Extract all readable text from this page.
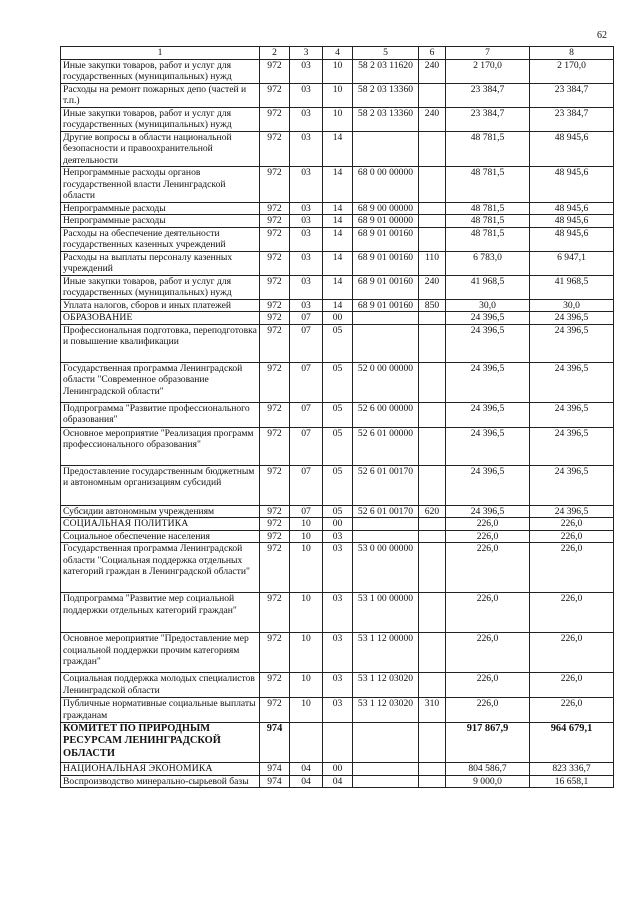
62
1	2	3	4	5	6	7	8
Иные закупки товаров, работ и услуг для государственных (муниципальных) нужд	972	03	10	58 2 03 11620	240	2 170,0	2 170,0
Расходы на ремонт пожарных депо (частей и т.п.)	972	03	10	58 2 03 13360		23 384,7	23 384,7
Иные закупки товаров, работ и услуг для государственных (муниципальных) нужд	972	03	10	58 2 03 13360	240	23 384,7	23 384,7
Другие вопросы в области национальной безопасности и правоохранительной деятельности	972	03	14			48 781,5	48 945,6
Непрограммные расходы органов государственной власти Ленинградской области	972	03	14	68 0 00 00000		48 781,5	48 945,6
Непрограммные расходы	972	03	14	68 9 00 00000		48 781,5	48 945,6
Непрограммные расходы	972	03	14	68 9 01 00000		48 781,5	48 945,6
Расходы на обеспечение деятельности государственных казенных учреждений	972	03	14	68 9 01 00160		48 781,5	48 945,6
Расходы на выплаты персоналу казенных учреждений	972	03	14	68 9 01 00160	110	6 783,0	6 947,1
Иные закупки товаров, работ и услуг для государственных (муниципальных) нужд	972	03	14	68 9 01 00160	240	41 968,5	41 968,5
Уплата налогов, сборов и иных платежей	972	03	14	68 9 01 00160	850	30,0	30,0
ОБРАЗОВАНИЕ	972	07	00			24 396,5	24 396,5
Профессиональная подготовка, переподготовка и повышение квалификации	972	07	05			24 396,5	24 396,5
Государственная программа Ленинградской области "Современное образование Ленинградской области"	972	07	05	52 0 00 00000		24 396,5	24 396,5
Подпрограмма "Развитие профессионального образования"	972	07	05	52 6 00 00000		24 396,5	24 396,5
Основное мероприятие "Реализация программ профессионального образования"	972	07	05	52 6 01 00000		24 396,5	24 396,5
Предоставление государственным бюджетным и автономным организациям субсидий	972	07	05	52 6 01 00170		24 396,5	24 396,5
Субсидии автономным учреждениям	972	07	05	52 6 01 00170	620	24 396,5	24 396,5
СОЦИАЛЬНАЯ ПОЛИТИКА	972	10	00			226,0	226,0
Социальное обеспечение населения	972	10	03			226,0	226,0
Государственная программа Ленинградской области "Социальная поддержка отдельных категорий граждан в Ленинградской области"	972	10	03	53 0 00 00000		226,0	226,0
Подпрограмма "Развитие мер социальной поддержки отдельных категорий граждан"	972	10	03	53 1 00 00000		226,0	226,0
Основное мероприятие "Предоставление мер социальной поддержки прочим категориям граждан"	972	10	03	53 1 12 00000		226,0	226,0
Социальная поддержка молодых специалистов Ленинградской области	972	10	03	53 1 12 03020		226,0	226,0
Публичные нормативные социальные выплаты гражданам	972	10	03	53 1 12 03020	310	226,0	226,0
КОМИТЕТ ПО ПРИРОДНЫМ РЕСУРСАМ ЛЕНИНГРАДСКОЙ ОБЛАСТИ	974					917 867,9	964 679,1
НАЦИОНАЛЬНАЯ ЭКОНОМИКА	974	04	00			804 586,7	823 336,7
Воспроизводство минерально-сырьевой базы	974	04	04			9 000,0	16 658,1
